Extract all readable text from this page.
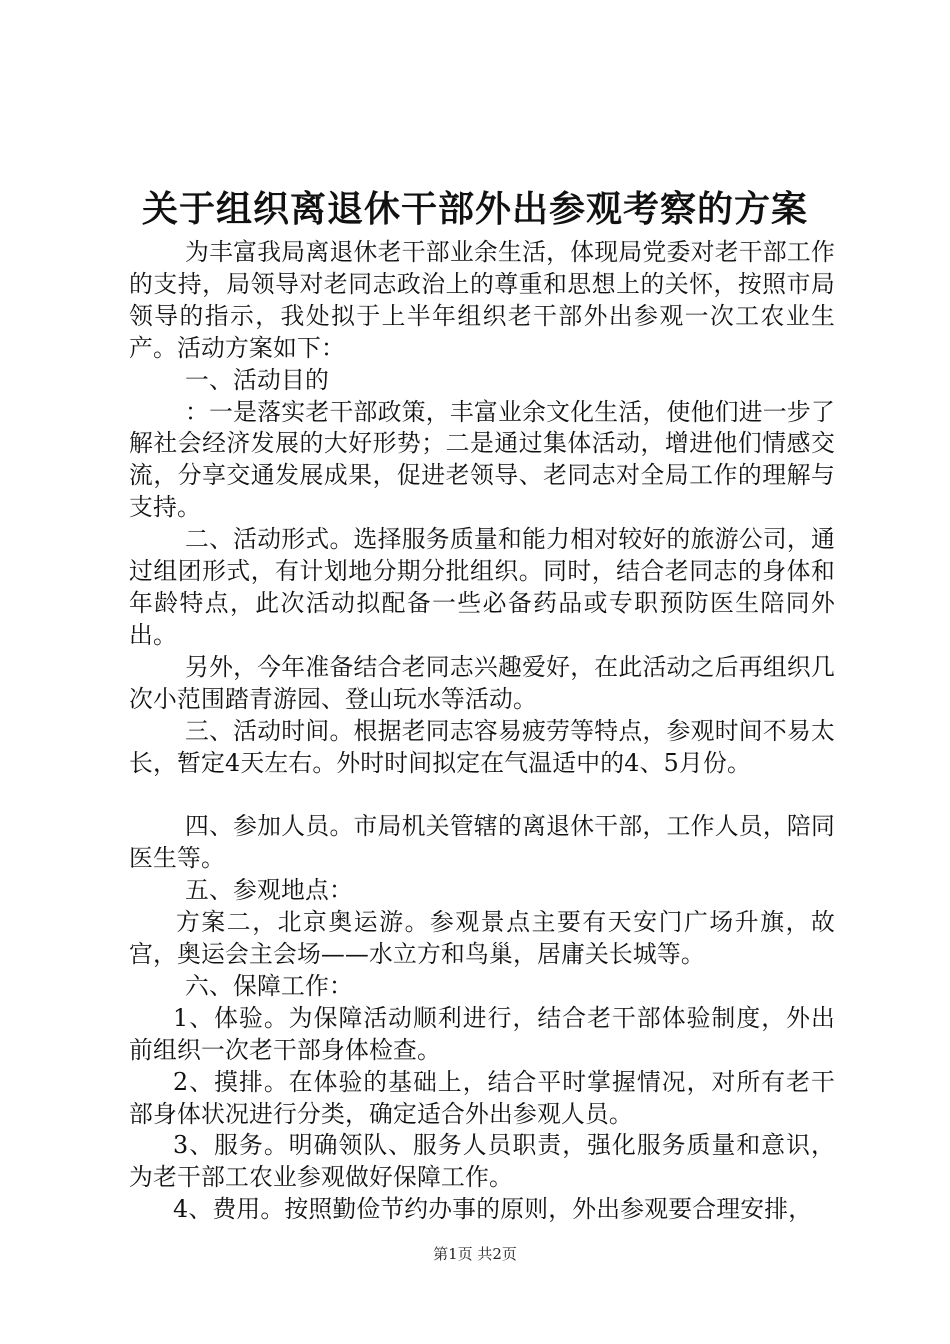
关于组织离退休干部外出参观考察的方案

为丰富我局离退休老干部业余生活，体现局党委对老干部工作的支持，局领导对老同志政治上的尊重和思想上的关怀，按照市局领导的指示，我处拟于上半年组织老干部外出参观一次工农业生产。活动方案如下：

一、活动目的

：一是落实老干部政策，丰富业余文化生活，使他们进一步了解社会经济发展的大好形势；二是通过集体活动，增进他们情感交流，分享交通发展成果，促进老领导、老同志对全局工作的理解与支持。

二、活动形式。选择服务质量和能力相对较好的旅游公司，通过组团形式，有计划地分期分批组织。同时，结合老同志的身体和年龄特点，此次活动拟配备一些必备药品或专职预防医生陪同外出。

另外，今年准备结合老同志兴趣爱好，在此活动之后再组织几次小范围踏青游园、登山玩水等活动。

三、活动时间。根据老同志容易疲劳等特点，参观时间不易太长，暂定4天左右。外时时间拟定在气温适中的4、5月份。

四、参加人员。市局机关管辖的离退休干部，工作人员，陪同医生等。

五、参观地点：

方案二，北京奥运游。参观景点主要有天安门广场升旗，故宫，奥运会主会场——水立方和鸟巢，居庸关长城等。

六、保障工作：

1、体验。为保障活动顺利进行，结合老干部体验制度，外出前组织一次老干部身体检查。

2、摸排。在体验的基础上，结合平时掌握情况，对所有老干部身体状况进行分类，确定适合外出参观人员。

3、服务。明确领队、服务人员职责，强化服务质量和意识，为老干部工农业参观做好保障工作。

4、费用。按照勤俭节约办事的原则，外出参观要合理安排，

第1页 共2页
